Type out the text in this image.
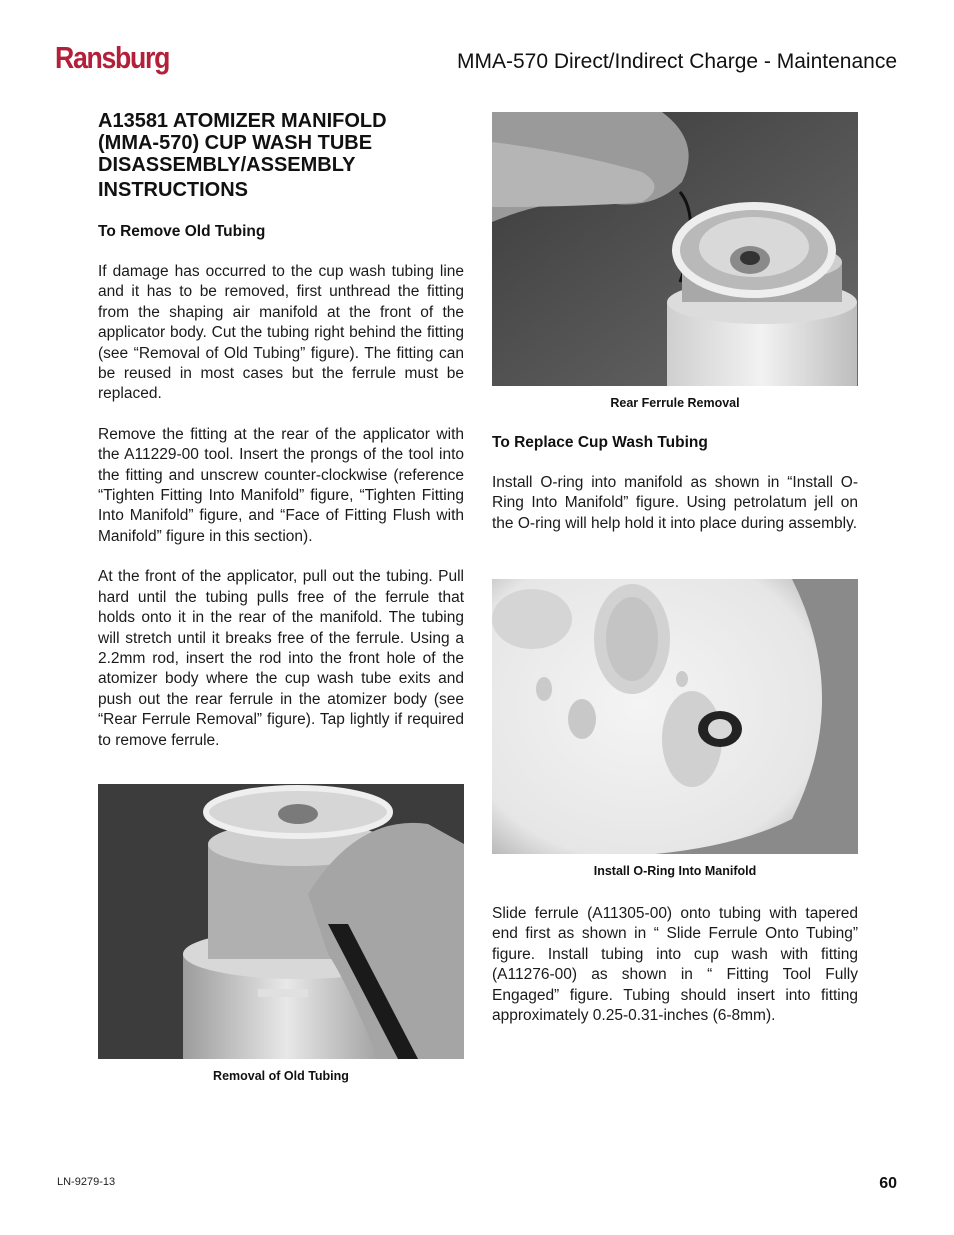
Ransburg	MMA-570 Direct/Indirect Charge - Maintenance
A13581 ATOMIZER MANIFOLD
(MMA-570) CUP WASH TUBE
DISASSEMBLY/ASSEMBLY
INSTRUCTIONS
To Remove Old Tubing

If damage has occurred to the cup wash tubing line and it has to be removed, first unthread the fitting from the shaping air manifold at the front of the applicator body. Cut the tubing right behind the fitting (see “Removal of Old Tubing” figure). The fitting can be reused in most cases but the ferrule must be replaced.

Remove the fitting at the rear of the applicator with the A11229-00 tool. Insert the prongs of the tool into the fitting and unscrew counter-clockwise (reference “Tighten Fitting Into Manifold” figure, “Tighten Fitting Into Manifold” figure, and “Face of Fitting Flush with Manifold” figure in this section).

At the front of the applicator, pull out the tubing. Pull hard until the tubing pulls free of the ferrule that holds onto it in the rear of the manifold. The tubing will stretch until it breaks free of the ferrule. Using a 2.2mm rod, insert the rod into the front hole of the atomizer body where the cup wash tube exits and push out the rear ferrule in the atomizer body (see “Rear Ferrule Removal” figure). Tap lightly if required to remove ferrule.

Rear Ferrule Removal
To Replace Cup Wash Tubing

Install O-ring into manifold as shown in “Install O-Ring Into Manifold” figure. Using petrolatum jell on the O-ring will help hold it into place during assembly.

Install O-Ring Into Manifold

Slide ferrule (A11305-00) onto tubing with tapered end first as shown in “ Slide Ferrule Onto Tubing” figure. Install tubing into cup wash with fitting (A11276-00) as shown in “ Fitting Tool Fully Engaged” figure. Tubing should insert into fitting approximately 0.25-0.31-inches (6-8mm).

Removal of Old Tubing
LN-9279-13	60
